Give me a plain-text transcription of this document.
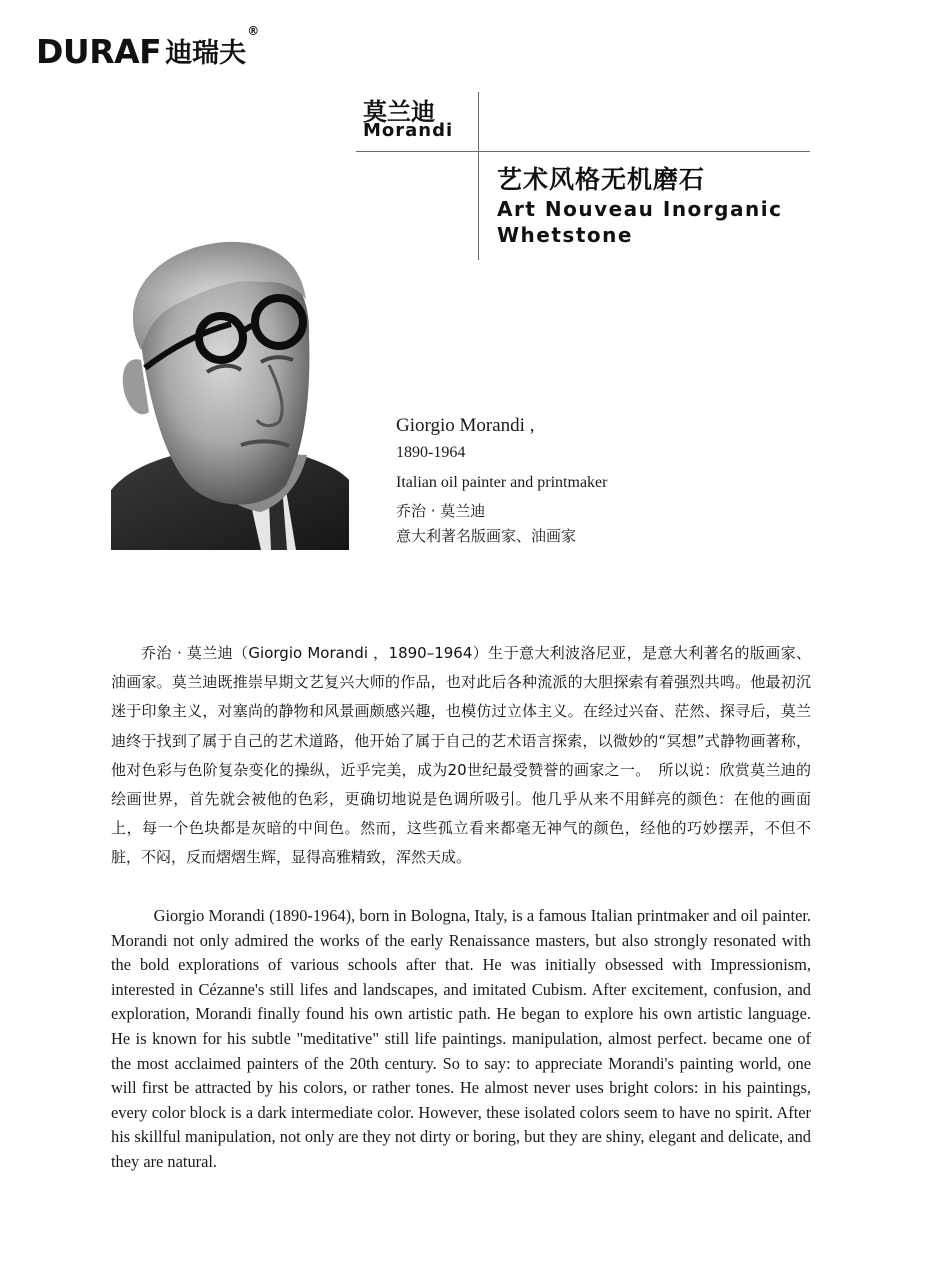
DURAF 迪瑞夫
®
莫兰迪
Morandi
艺术风格无机磨石
Art Nouveau Inorganic Whetstone
Giorgio Morandi ,
1890-1964
Italian oil painter and printmaker
乔治 · 莫兰迪
意大利著名版画家、油画家

乔治 · 莫兰迪（Giorgio Morandi ，1890–1964）生于意大利波洛尼亚，是意大利著名的版画家、油画家。莫兰迪既推崇早期文艺复兴大师的作品，也对此后各种流派的大胆探索有着强烈共鸣。他最初沉迷于印象主义，对塞尚的静物和风景画颇感兴趣，也模仿过立体主义。在经过兴奋、茫然、探寻后，莫兰迪终于找到了属于自己的艺术道路，他开始了属于自己的艺术语言探索，以微妙的“冥想”式静物画著称，他对色彩与色阶复杂变化的操纵，近乎完美，成为20世纪最受赞誉的画家之一。　所以说：欣赏莫兰迪的绘画世界，首先就会被他的色彩，更确切地说是色调所吸引。他几乎从来不用鲜亮的颜色：在他的画面上，每一个色块都是灰暗的中间色。然而，这些孤立看来都毫无神气的颜色，经他的巧妙摆弄，不但不脏，不闷，反而熠熠生辉，显得高雅精致，浑然天成。

Giorgio Morandi (1890-1964), born in Bologna, Italy, is a famous Italian printmaker and oil painter. Morandi not only admired the works of the early Renaissance masters, but also strongly resonated with the bold explorations of various schools after that. He was initially obsessed with Impressionism, interested in Cézanne's still lifes and landscapes, and imitated Cubism. After excitement, confusion, and exploration, Morandi finally found his own artistic path. He began to explore his own artistic language. He is known for his subtle "meditative" still life paintings. manipulation, almost perfect. became one of the most acclaimed painters of the 20th century. So to say: to appreciate Morandi's painting world, one will first be attracted by his colors, or rather tones. He almost never uses bright colors: in his paintings, every color block is a dark intermediate color. However, these isolated colors seem to have no spirit. After his skillful manipulation, not only are they not dirty or boring, but they are shiny, elegant and delicate, and they are natural.
